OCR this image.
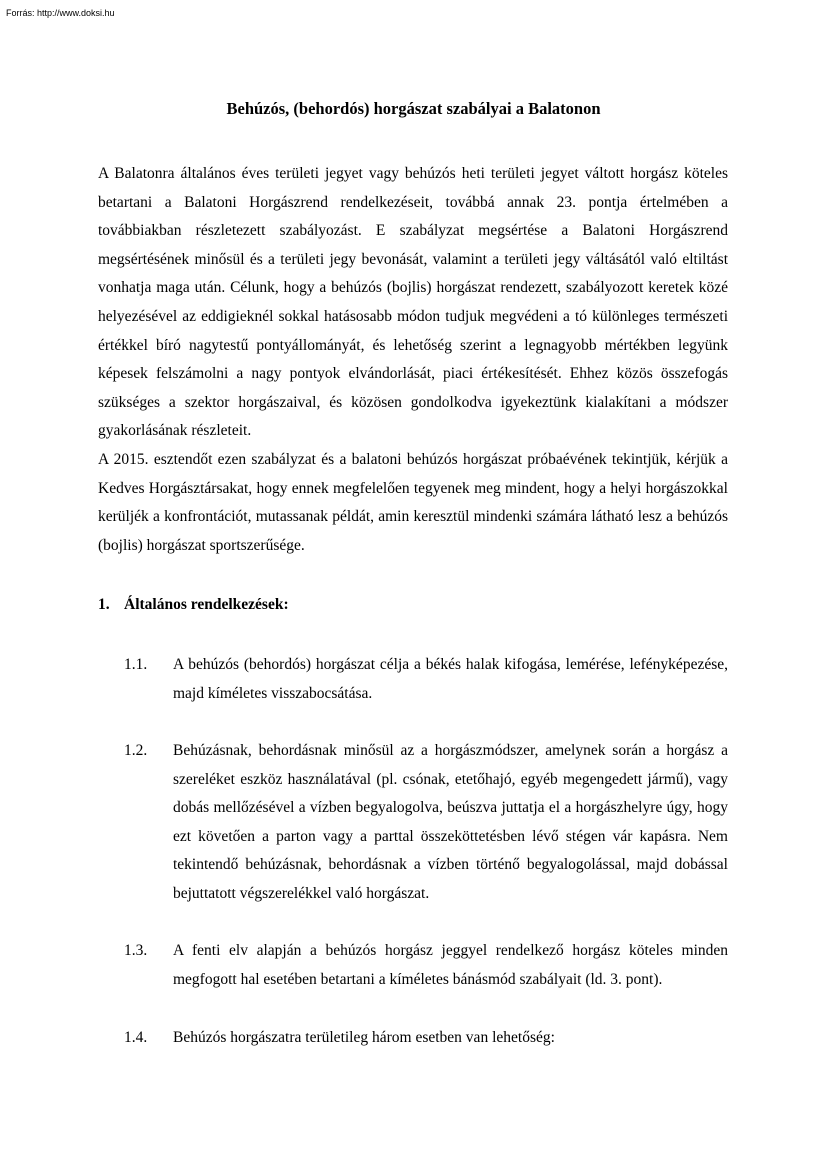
Forrás: http://www.doksi.hu
Behúzós, (behordós) horgászat szabályai a Balatonon

A Balatonra általános éves területi jegyet vagy behúzós heti területi jegyet váltott horgász köteles betartani a Balatoni Horgászrend rendelkezéseit, továbbá annak 23. pontja értelmében a továbbiakban részletezett szabályozást. E szabályzat megsértése a Balatoni Horgászrend megsértésének minősül és a területi jegy bevonását, valamint a területi jegy váltásától való eltiltást vonhatja maga után. Célunk, hogy a behúzós (bojlis) horgászat rendezett, szabályozott keretek közé helyezésével az eddigieknél sokkal hatásosabb módon tudjuk megvédeni a tó különleges természeti értékkel bíró nagytestű pontyállományát, és lehetőség szerint a legnagyobb mértékben legyünk képesek felszámolni a nagy pontyok elvándorlását, piaci értékesítését. Ehhez közös összefogás szükséges a szektor horgászaival, és közösen gondolkodva igyekeztünk kialakítani a módszer gyakorlásának részleteit.

A 2015. esztendőt ezen szabályzat és a balatoni behúzós horgászat próbaévének tekintjük, kérjük a Kedves Horgásztársakat, hogy ennek megfelelően tegyenek meg mindent, hogy a helyi horgászokkal kerüljék a konfrontációt, mutassanak példát, amin keresztül mindenki számára látható lesz a behúzós (bojlis) horgászat sportszerűsége.

1. Általános rendelkezések:
1.1. A behúzós (behordós) horgászat célja a békés halak kifogása, lemérése, lefényképezése, majd kíméletes visszabocsátása.
1.2. Behúzásnak, behordásnak minősül az a horgászmódszer, amelynek során a horgász a szereléket eszköz használatával (pl. csónak, etetőhajó, egyéb megengedett jármű), vagy dobás mellőzésével a vízben begyalogolva, beúszva juttatja el a horgászhelyre úgy, hogy ezt követően a parton vagy a parttal összeköttetésben lévő stégen vár kapásra. Nem tekintendő behúzásnak, behordásnak a vízben történő begyalogolással, majd dobással bejuttatott végszerelékkel való horgászat.
1.3. A fenti elv alapján a behúzós horgász jeggyel rendelkező horgász köteles minden megfogott hal esetében betartani a kíméletes bánásmód szabályait (ld. 3. pont).
1.4. Behúzós horgászatra területileg három esetben van lehetőség:
